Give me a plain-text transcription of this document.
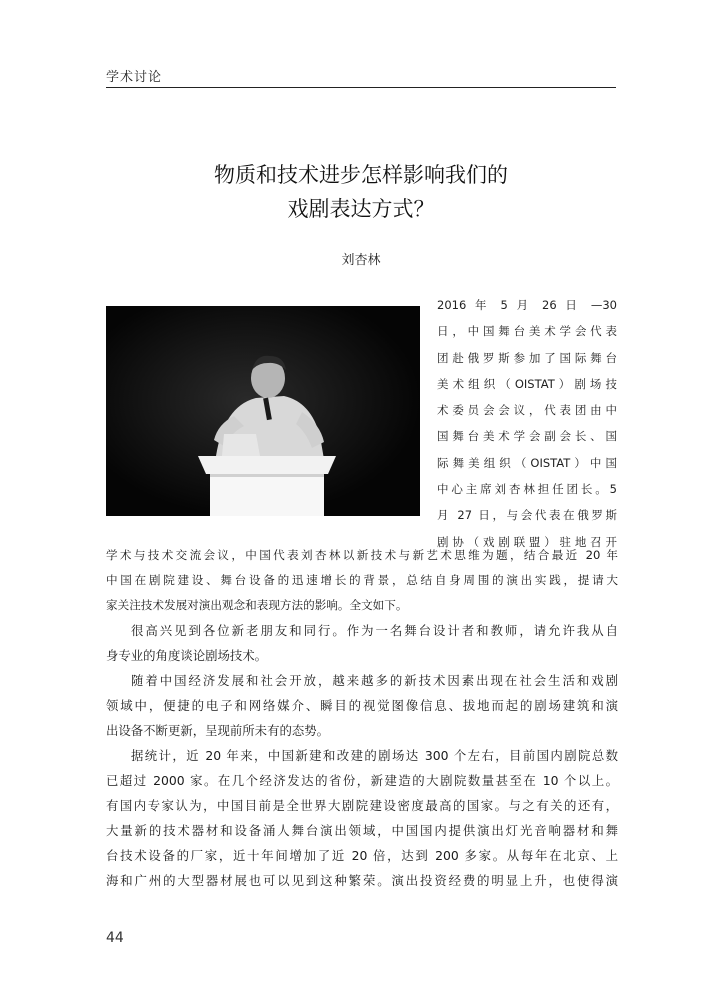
学术讨论
物质和技术进步怎样影响我们的
戏剧表达方式？
刘杏林
2016 年 5 月 26 日 —30
日，中国舞台美术学会代表
团赴俄罗斯参加了国际舞台
美术组织（OISTAT）剧场技
术委员会会议，代表团由中
国舞台美术学会副会长、国
际舞美组织（OISTAT）中国
中心主席刘杏林担任团长。5
月 27 日，与会代表在俄罗斯
剧协（戏剧联盟）驻地召开
学术与技术交流会议，中国代表刘杏林以新技术与新艺术思维为题，结合最近 20 年
中国在剧院建设、舞台设备的迅速增长的背景，总结自身周围的演出实践，提请大
家关注技术发展对演出观念和表现方法的影响。全文如下。
很高兴见到各位新老朋友和同行。作为一名舞台设计者和教师，请允许我从自
身专业的角度谈论剧场技术。
随着中国经济发展和社会开放，越来越多的新技术因素出现在社会生活和戏剧
领域中，便捷的电子和网络媒介、瞬目的视觉图像信息、拔地而起的剧场建筑和演
出设备不断更新，呈现前所未有的态势。
据统计，近 20 年来，中国新建和改建的剧场达 300 个左右，目前国内剧院总数
已超过 2000 家。在几个经济发达的省份，新建造的大剧院数量甚至在 10 个以上。
有国内专家认为，中国目前是全世界大剧院建设密度最高的国家。与之有关的还有，
大量新的技术器材和设备涌人舞台演出领域，中国国内提供演出灯光音响器材和舞
台技术设备的厂家，近十年间增加了近 20 倍，达到 200 多家。从每年在北京、上
海和广州的大型器材展也可以见到这种繁荣。演出投资经费的明显上升，也使得演
44
